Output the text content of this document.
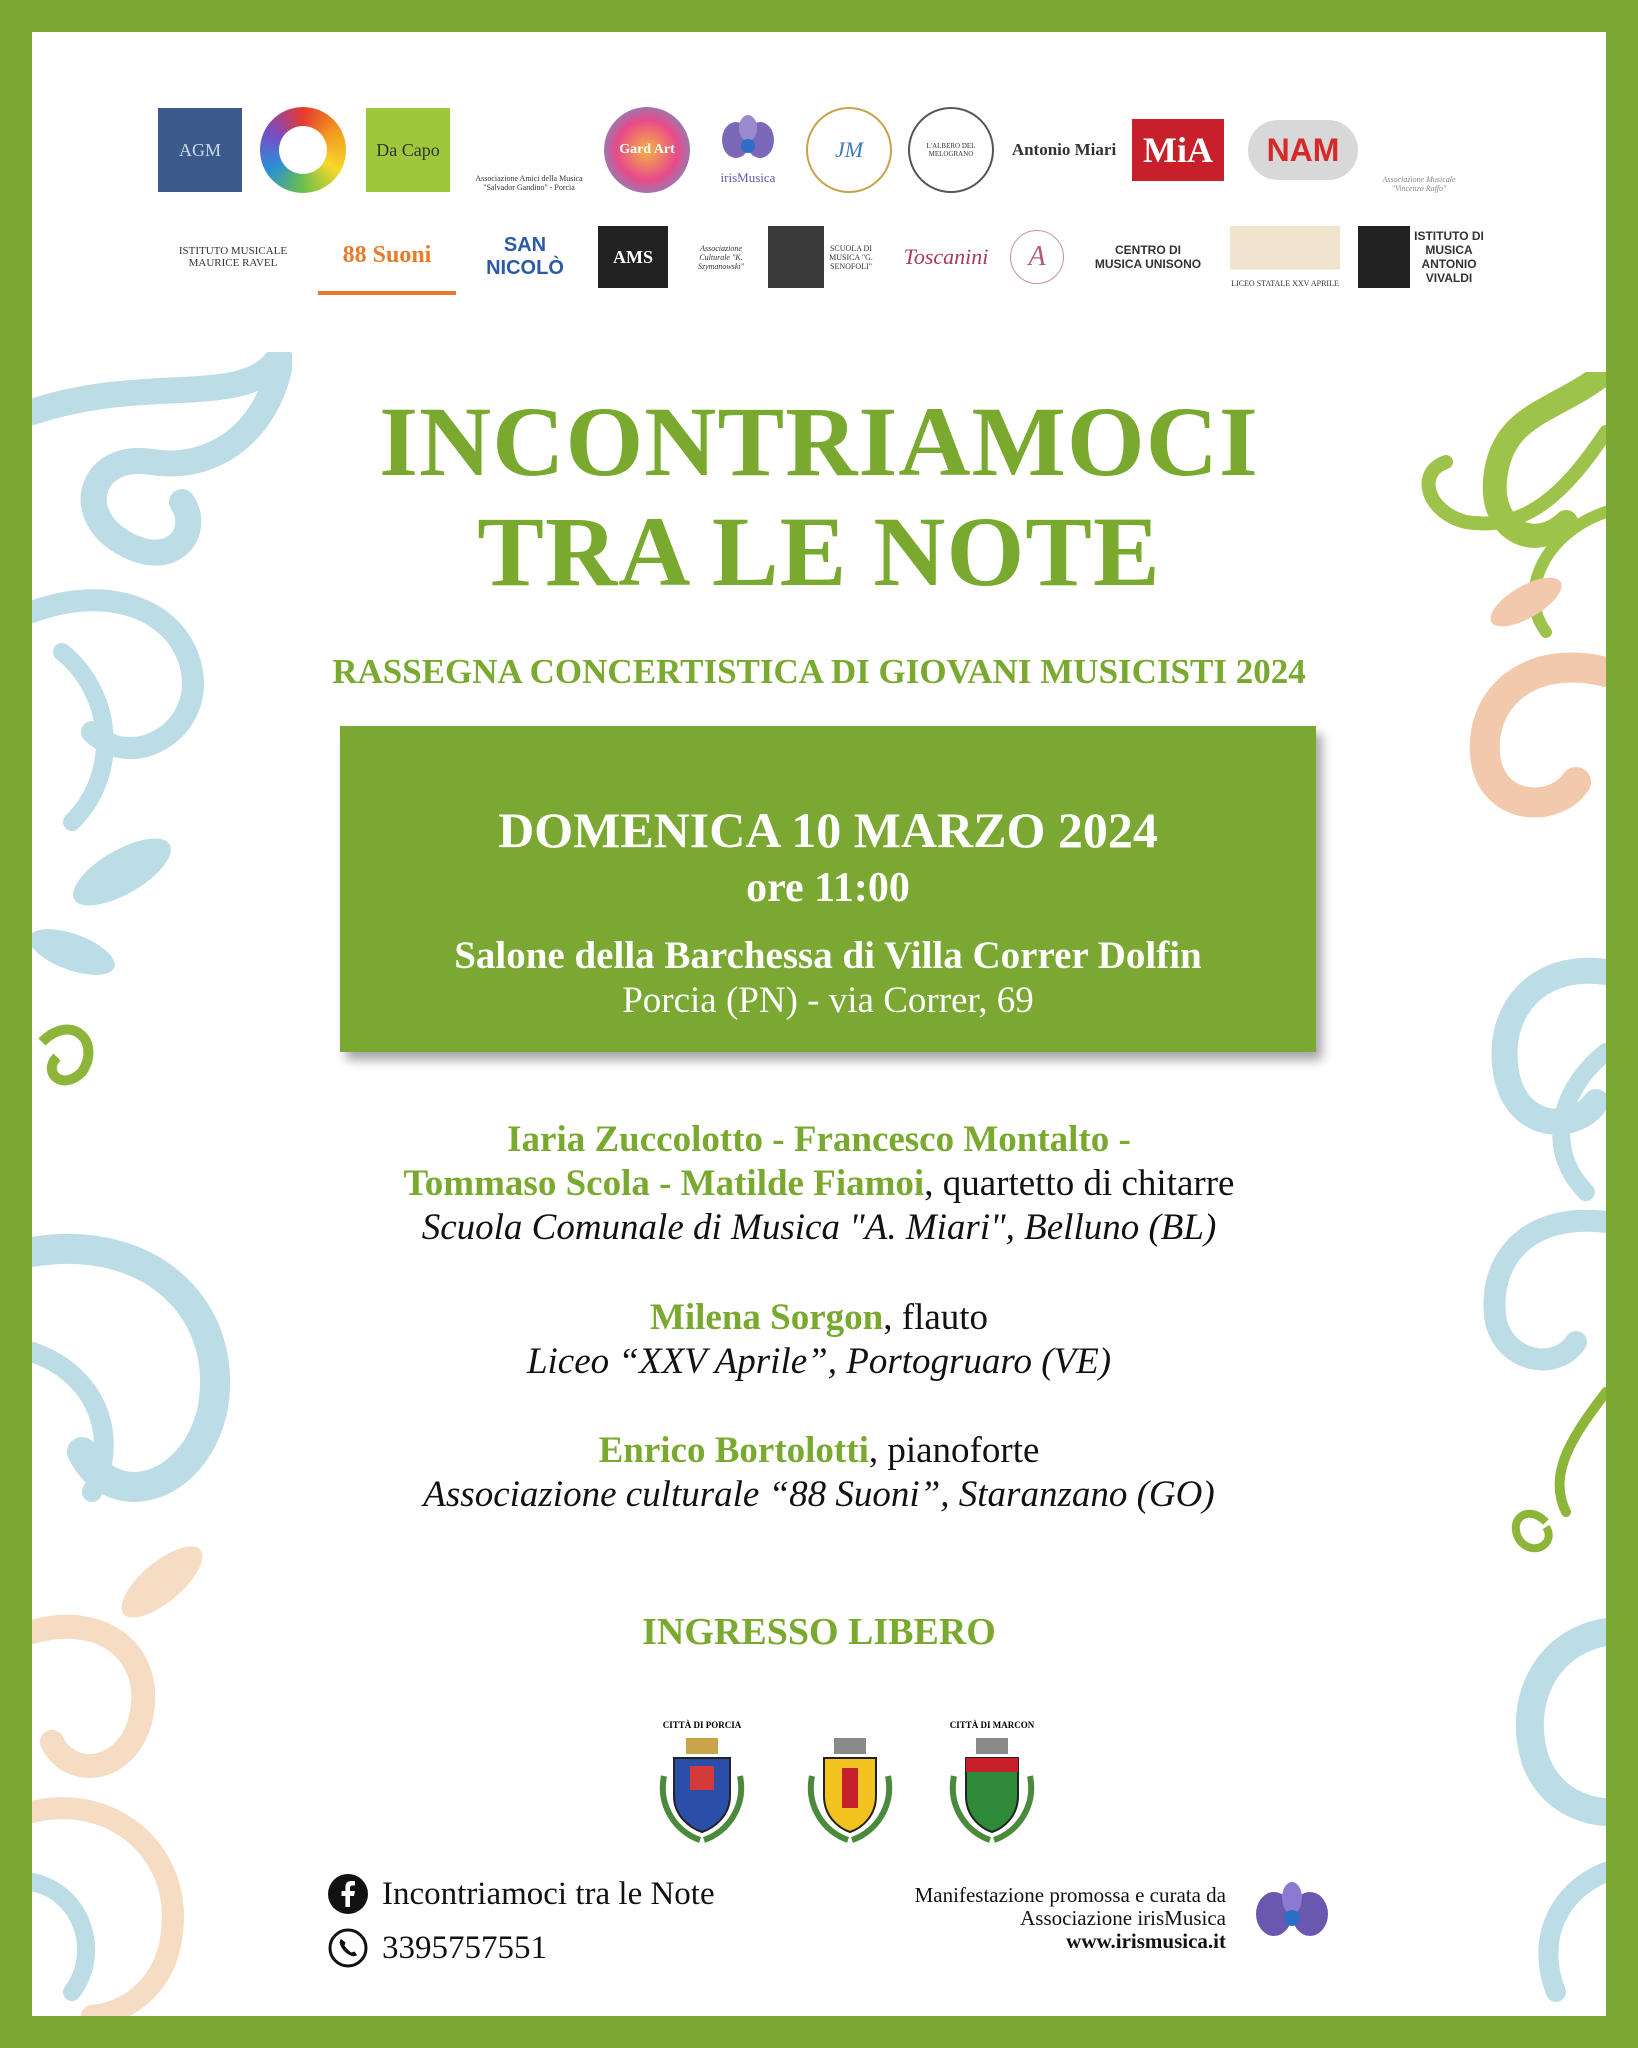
AGM	Da Capo
Associazione Amici della Musica "Salvador Gandino" - Porcia
Gard Art
irisMusica
JM	L'ALBERO DEL MELOGRANO	Antonio Miari MiA NAM
Associazione Musicale "Vincenzo Raffo"
ISTITUTO MUSICALE MAURICE RAVEL	88 Suoni	SAN NICOLÒ
AMS	Associazione Culturale "K. Szymanowski"
SCUOLA DI MUSICA "G. SENOFOLI" Toscanini A	CENTRO DI MUSICA UNISONO
LICEO STATALE XXV APRILE
ISTITUTO DI MUSICA ANTONIO VIVALDI
INCONTRIAMOCI
TRA LE NOTE
RASSEGNA CONCERTISTICA DI GIOVANI MUSICISTI 2024
DOMENICA 10 MARZO 2024
ore 11:00
Salone della Barchessa di Villa Correr Dolfin
Porcia (PN) - via Correr, 69
Iaria Zuccolotto - Francesco Montalto -
Tommaso Scola - Matilde Fiamoi, quartetto di chitarre
Scuola Comunale di Musica "A. Miari", Belluno (BL)
Milena Sorgon, flauto
Liceo “XXV Aprile”, Portogruaro (VE)
Enrico Bortolotti, pianoforte
Associazione culturale “88 Suoni”, Staranzano (GO)
INGRESSO LIBERO
CITTÀ DI PORCIA	CITTÀ DI MARCON
Incontriamoci tra le Note
3395757551
Manifestazione promossa e curata da
Associazione irisMusica
www.irismusica.it
